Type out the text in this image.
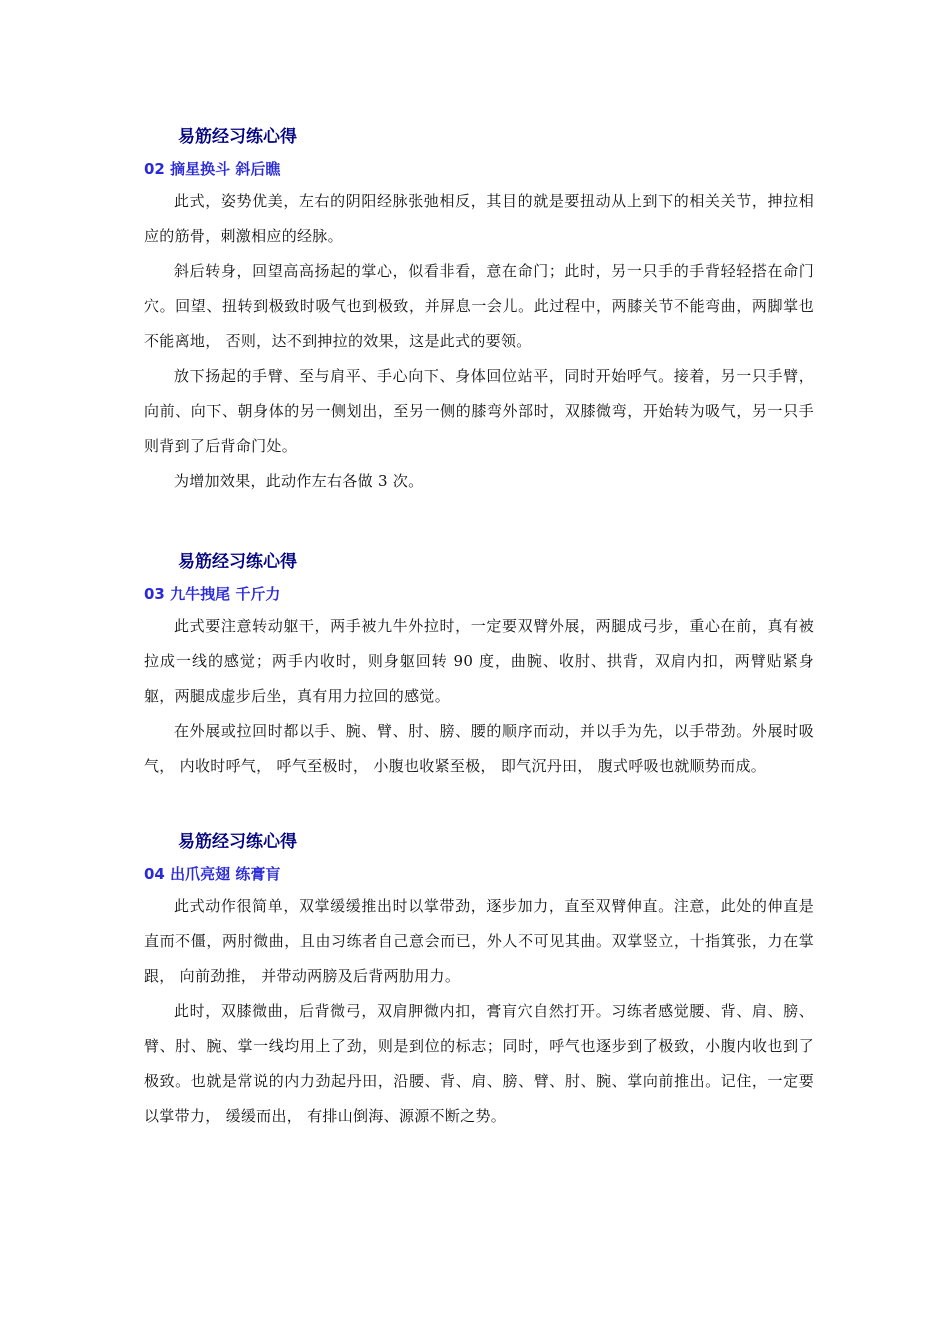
易筋经习练心得
02 摘星换斗 斜后瞧

此式，姿势优美，左右的阴阳经脉张弛相反，其目的就是要扭动从上到下的相关关节，抻拉相应的筋骨，刺激相应的经脉。

斜后转身，回望高高扬起的掌心，似看非看，意在命门；此时，另一只手的手背轻轻搭在命门穴。回望、扭转到极致时吸气也到极致，并屏息一会儿。此过程中，两膝关节不能弯曲，两脚掌也不能离地， 否则，达不到抻拉的效果，这是此式的要领。

放下扬起的手臂、至与肩平、手心向下、身体回位站平，同时开始呼气。接着，另一只手臂，向前、向下、朝身体的另一侧划出，至另一侧的膝弯外部时，双膝微弯，开始转为吸气，另一只手则背到了后背命门处。

为增加效果，此动作左右各做 3 次。

易筋经习练心得
03 九牛拽尾 千斤力

此式要注意转动躯干，两手被九牛外拉时，一定要双臂外展，两腿成弓步，重心在前，真有被拉成一线的感觉；两手内收时，则身躯回转 90 度，曲腕、收肘、拱背，双肩内扣，两臂贴紧身躯，两腿成虚步后坐，真有用力拉回的感觉。

在外展或拉回时都以手、腕、臂、肘、膀、腰的顺序而动，并以手为先，以手带劲。外展时吸气， 内收时呼气， 呼气至极时， 小腹也收紧至极， 即气沉丹田， 腹式呼吸也就顺势而成。

易筋经习练心得
04 出爪亮翅 练膏肓

此式动作很简单，双掌缓缓推出时以掌带劲，逐步加力，直至双臂伸直。注意，此处的伸直是直而不僵，两肘微曲，且由习练者自己意会而已，外人不可见其曲。双掌竖立，十指箕张，力在掌跟， 向前劲推， 并带动两膀及后背两肋用力。

此时，双膝微曲，后背微弓，双肩胛微内扣，膏肓穴自然打开。习练者感觉腰、背、肩、膀、臂、肘、腕、掌一线均用上了劲，则是到位的标志；同时，呼气也逐步到了极致，小腹内收也到了极致。也就是常说的内力劲起丹田，沿腰、背、肩、膀、臂、肘、腕、掌向前推出。记住，一定要以掌带力， 缓缓而出， 有排山倒海、源源不断之势。
